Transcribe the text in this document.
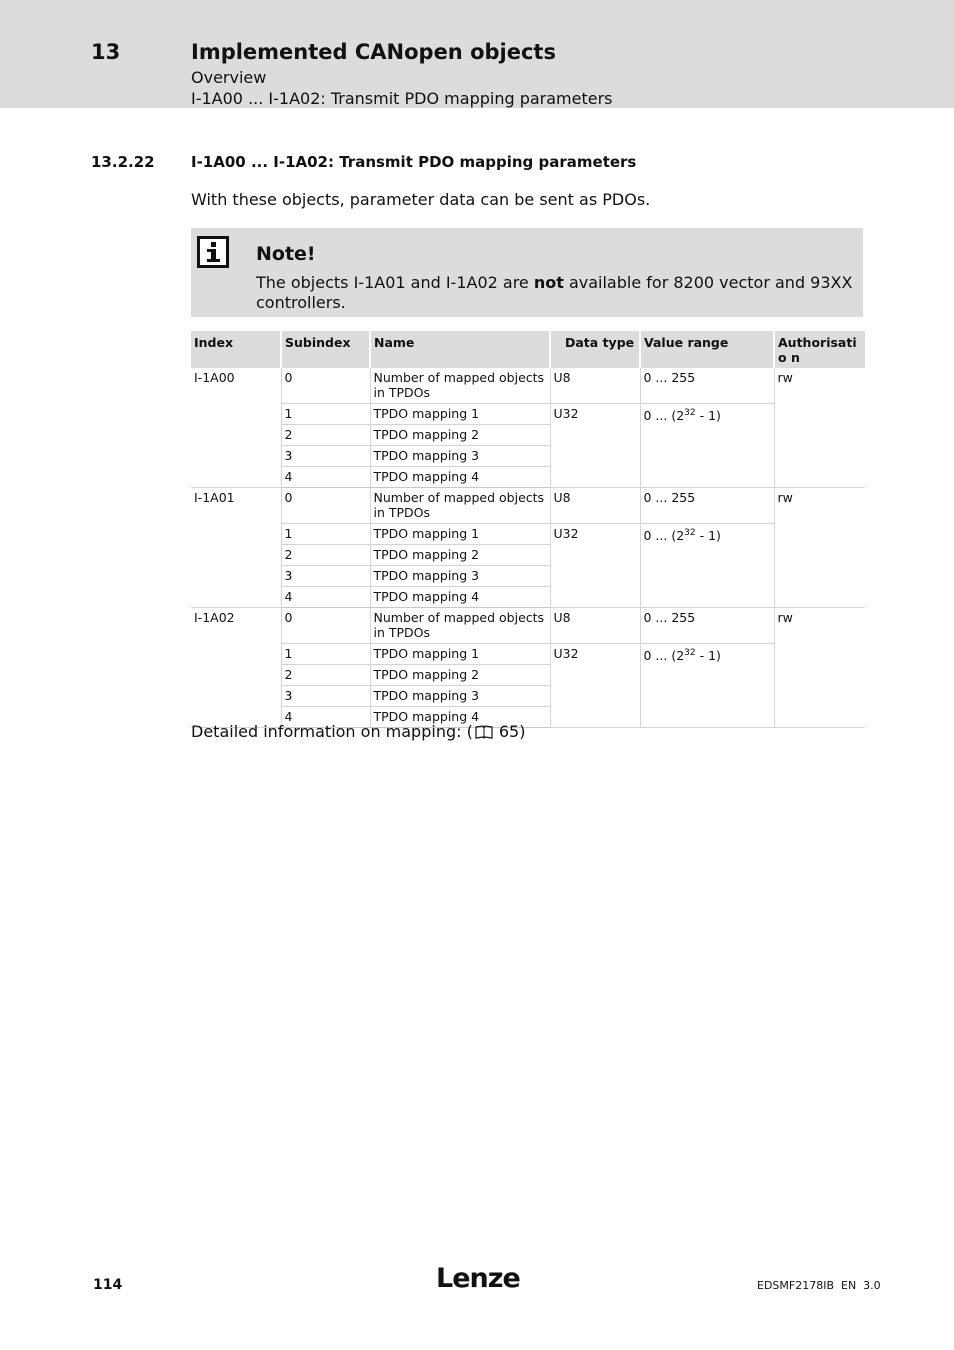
13	Implemented CANopen objects
Overview
I-1A00 ... I-1A02: Transmit PDO mapping parameters
13.2.22 I-1A00 ... I-1A02: Transmit PDO mapping parameters
With these objects, parameter data can be sent as PDOs.
Note!
The objects I-1A01 and I-1A02 are not available for 8200 vector and 93XX controllers.
Index	Subindex	Name	Data type	Value range	Authorisatio n
I-1A00	0	Number of mapped objects in TPDOs	U8	0 ... 255	rw
	1	TPDO mapping 1	U32	0 ... $(2^{32} - 1)$	
	2	TPDO mapping 2			
	3	TPDO mapping 3			
	4	TPDO mapping 4			
I-1A01	0	Number of mapped objects in TPDOs	U8	0 ... 255	rw
	1	TPDO mapping 1	U32	0 ... $(2^{32} - 1)$	
	2	TPDO mapping 2			
	3	TPDO mapping 3			
	4	TPDO mapping 4			
I-1A02	0	Number of mapped objects in TPDOs	U8	0 ... 255	rw
	1	TPDO mapping 1	U32	0 ... $(2^{32} - 1)$	
	2	TPDO mapping 2			
	3	TPDO mapping 3			
	4	TPDO mapping 4			
Detailed information on mapping: ( 65)
114	Lenze	EDSMF2178IB  EN  3.0
